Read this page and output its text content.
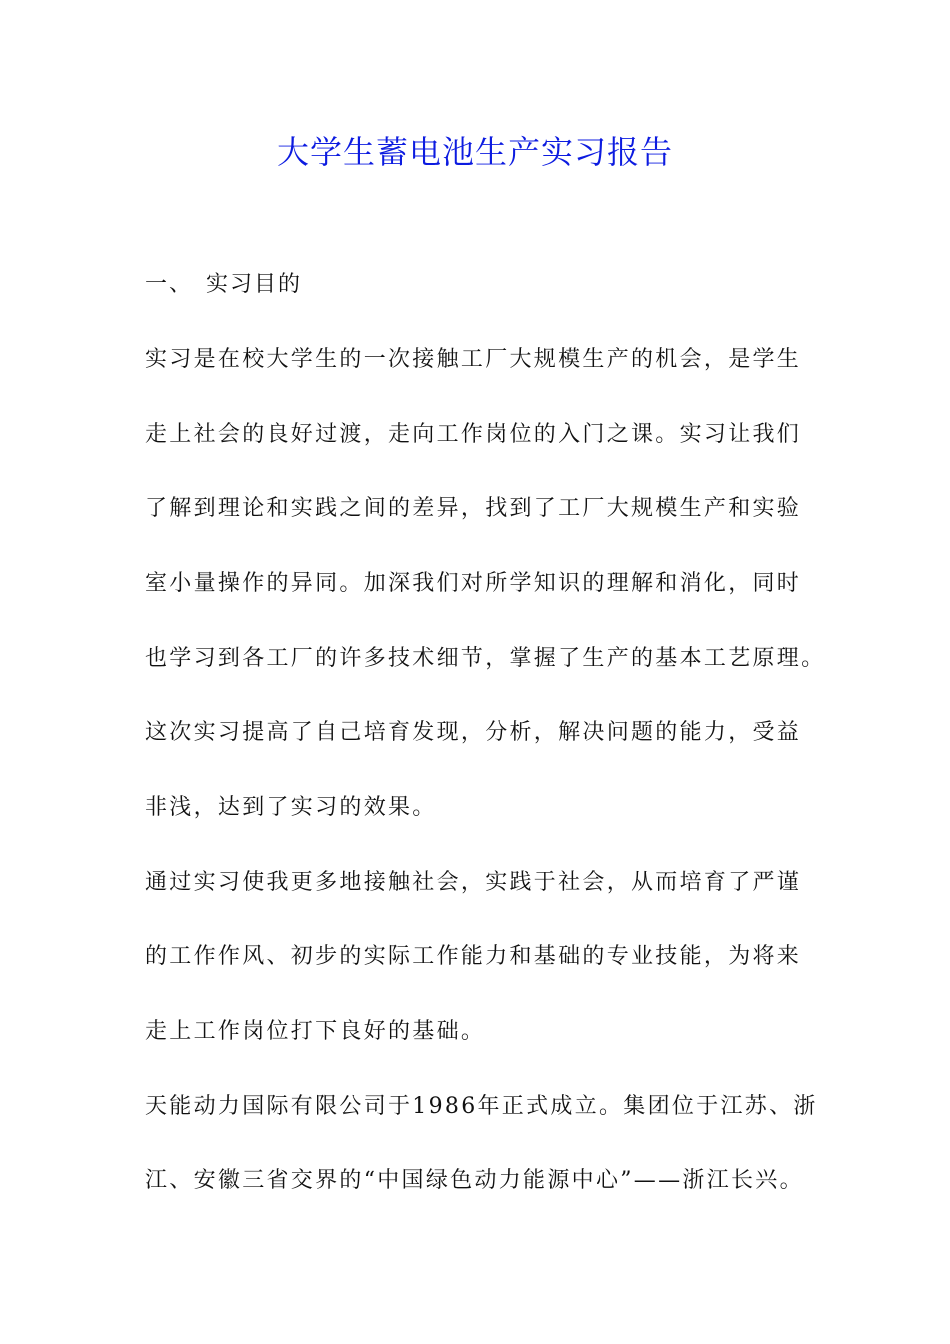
大学生蓄电池生产实习报告
一、　实习目的
实习是在校大学生的一次接触工厂大规模生产的机会，是学生
走上社会的良好过渡，走向工作岗位的入门之课。实习让我们
了解到理论和实践之间的差异，找到了工厂大规模生产和实验
室小量操作的异同。加深我们对所学知识的理解和消化，同时
也学习到各工厂的许多技术细节，掌握了生产的基本工艺原理。
这次实习提高了自己培育发现，分析，解决问题的能力，受益
非浅，达到了实习的效果。
通过实习使我更多地接触社会，实践于社会，从而培育了严谨
的工作作风、初步的实际工作能力和基础的专业技能，为将来
走上工作岗位打下良好的基础。
天能动力国际有限公司于1986年正式成立。集团位于江苏、浙
江、安徽三省交界的“中国绿色动力能源中心”——浙江长兴。
